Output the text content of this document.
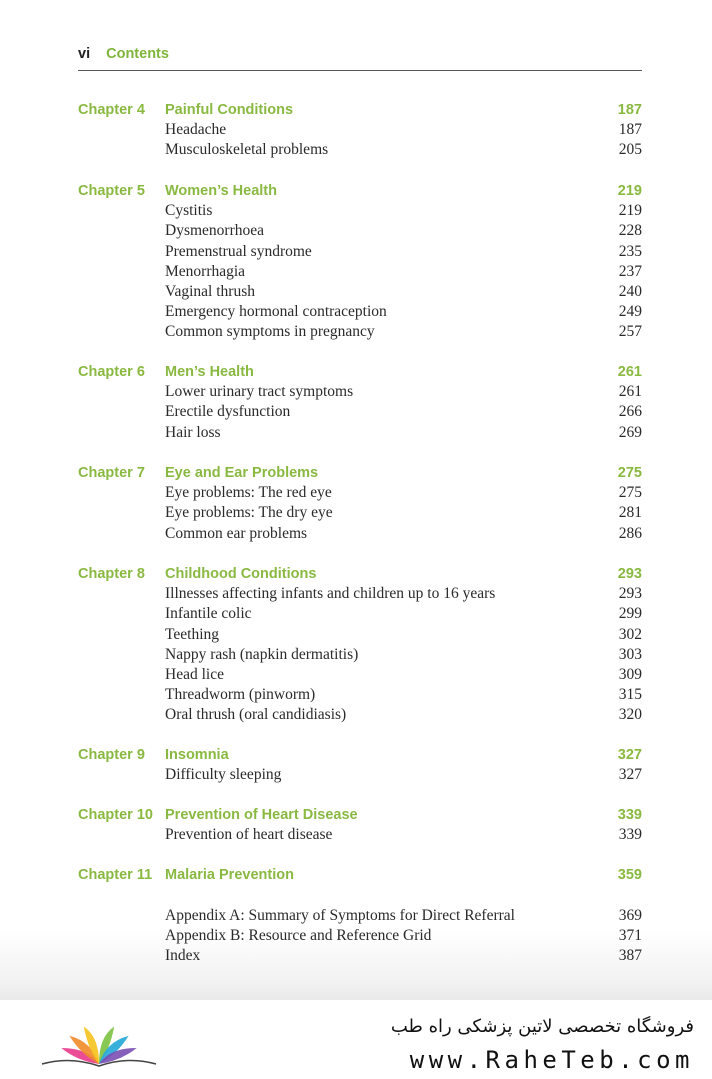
vi Contents
Chapter 4 Painful Conditions	187
Headache	187
Musculoskeletal problems	205
Chapter 5 Women’s Health	219
Cystitis	219
Dysmenorrhoea	228
Premenstrual syndrome	235
Menorrhagia	237
Vaginal thrush	240
Emergency hormonal contraception	249
Common symptoms in pregnancy	257
Chapter 6 Men’s Health	261
Lower urinary tract symptoms	261
Erectile dysfunction	266
Hair loss	269
Chapter 7 Eye and Ear Problems	275
Eye problems: The red eye	275
Eye problems: The dry eye	281
Common ear problems	286
Chapter 8 Childhood Conditions	293
Illnesses affecting infants and children up to 16 years	293
Infantile colic	299
Teething	302
Nappy rash (napkin dermatitis)	303
Head lice	309
Threadworm (pinworm)	315
Oral thrush (oral candidiasis)	320
Chapter 9 Insomnia	327
Difficulty sleeping	327
Chapter 10 Prevention of Heart Disease	339
Prevention of heart disease	339
Chapter 11 Malaria Prevention	359
Appendix A: Summary of Symptoms for Direct Referral	369
Appendix B: Resource and Reference Grid	371
Index	387
فروشگاه تخصصی لاتین پزشکی راه طب
www.RaheTeb.com
